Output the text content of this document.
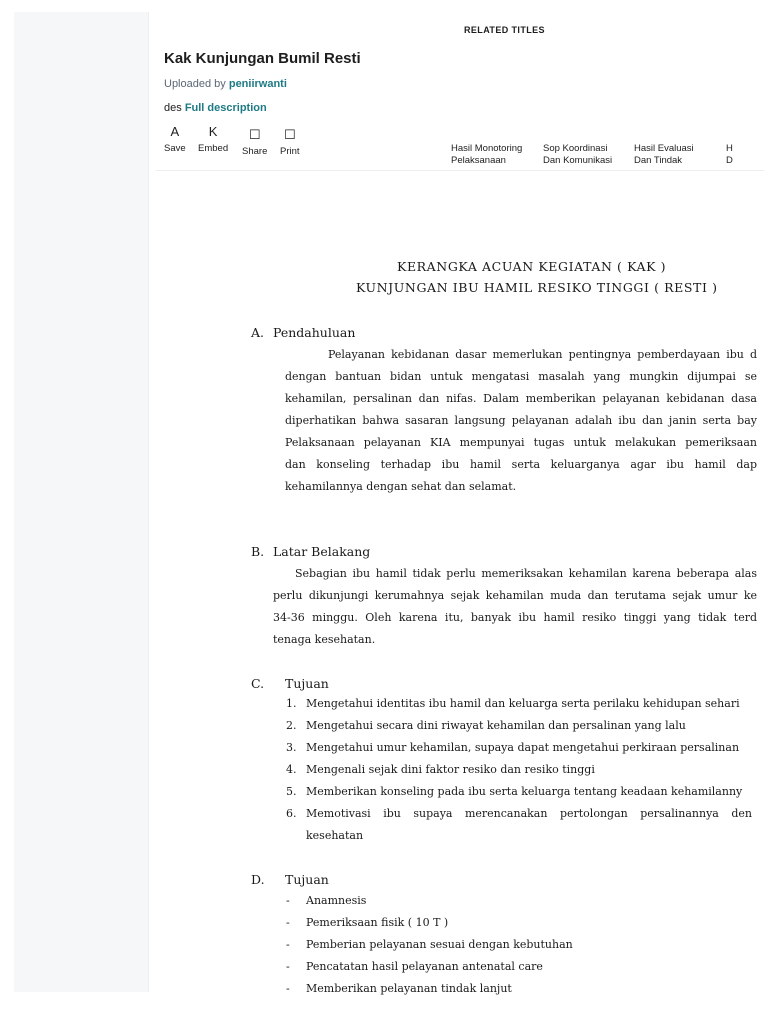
RELATED TITLES
Kak Kunjungan Bumil Resti
Uploaded by peniirwanti
des Full description
A
Save
K
Embed
☐
Share
☐
Print	Hasil Monotoring
Pelaksanaan
Sop Koordinasi
Dan Komunikasi
Hasil Evaluasi
Dan Tindak
H
D
KERANGKA ACUAN KEGIATAN ( KAK )
KUNJUNGAN IBU HAMIL RESIKO TINGGI ( RESTI )
A. Pendahuluan
Pelayanan kebidanan dasar memerlukan pentingnya pemberdayaan ibu d
dengan bantuan bidan untuk mengatasi masalah yang mungkin dijumpai se
kehamilan, persalinan dan nifas. Dalam memberikan pelayanan kebidanan dasa
diperhatikan bahwa sasaran langsung pelayanan adalah ibu dan janin serta bay
Pelaksanaan pelayanan KIA mempunyai tugas untuk melakukan pemeriksaan
dan konseling terhadap ibu hamil serta keluarganya agar ibu hamil dap
kehamilannya dengan sehat dan selamat.
B. Latar Belakang
Sebagian ibu hamil tidak perlu memeriksakan kehamilan karena beberapa alas
perlu dikunjungi kerumahnya sejak kehamilan muda dan terutama sejak umur ke
34-36 minggu. Oleh karena itu, banyak ibu hamil resiko tinggi yang tidak terd
tenaga kesehatan.
C. Tujuan
1. Mengetahui identitas ibu hamil dan keluarga serta perilaku kehidupan sehari
2. Mengetahui secara dini riwayat kehamilan dan persalinan yang lalu
3. Mengetahui umur kehamilan, supaya dapat mengetahui perkiraan persalinan
4. Mengenali sejak dini faktor resiko dan resiko tinggi
5. Memberikan konseling pada ibu serta keluarga tentang keadaan kehamilanny
6. Memotivasi ibu supaya merencanakan pertolongan persalinannya den
kesehatan
D. Tujuan
- Anamnesis
- Pemeriksaan fisik ( 10 T )
- Pemberian pelayanan sesuai dengan kebutuhan
- Pencatatan hasil pelayanan antenatal care
- Memberikan pelayanan tindak lanjut
